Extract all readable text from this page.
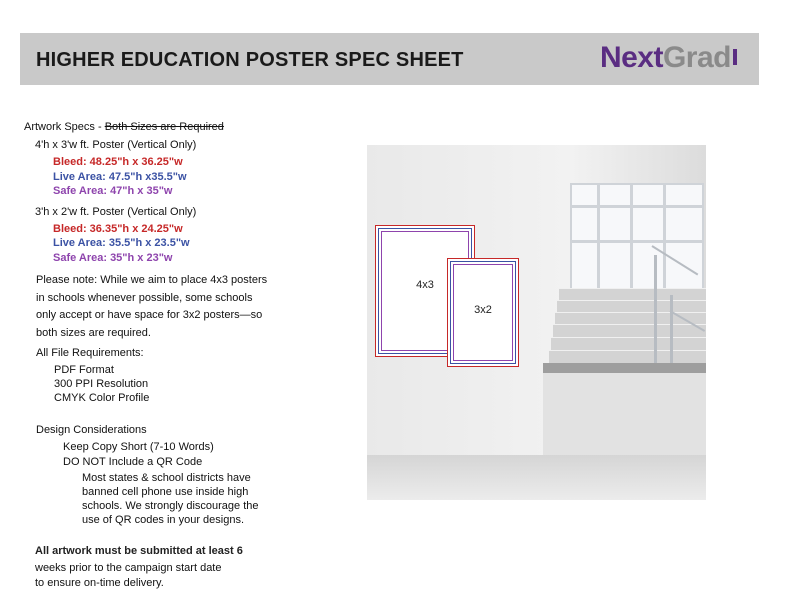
HIGHER EDUCATION POSTER SPEC SHEET	NextGrad
Artwork Specs - Both Sizes are Required
4'h x 3'w ft. Poster (Vertical Only)
Bleed: 48.25"h x 36.25"w
Live Area: 47.5"h x35.5"w
Safe Area: 47"h x 35"w
3'h x 2'w ft. Poster (Vertical Only)
Bleed: 36.35"h x 24.25"w
Live Area: 35.5"h x 23.5"w
Safe Area: 35"h x 23"w
Please note: While we aim to place 4x3 posters
in schools whenever possible, some schools
only accept or have space for 3x2 posters—so
both sizes are required.
All File Requirements:
PDF Format
300 PPI Resolution
CMYK Color Profile
Design Considerations
Keep Copy Short (7-10 Words)
DO NOT Include a QR Code
Most states & school districts have
banned cell phone use inside high
schools. We strongly discourage the
use of QR codes in your designs.
All artwork must be submitted at least 6
weeks prior to the campaign start date
to ensure on-time delivery.
4x3
3x2
